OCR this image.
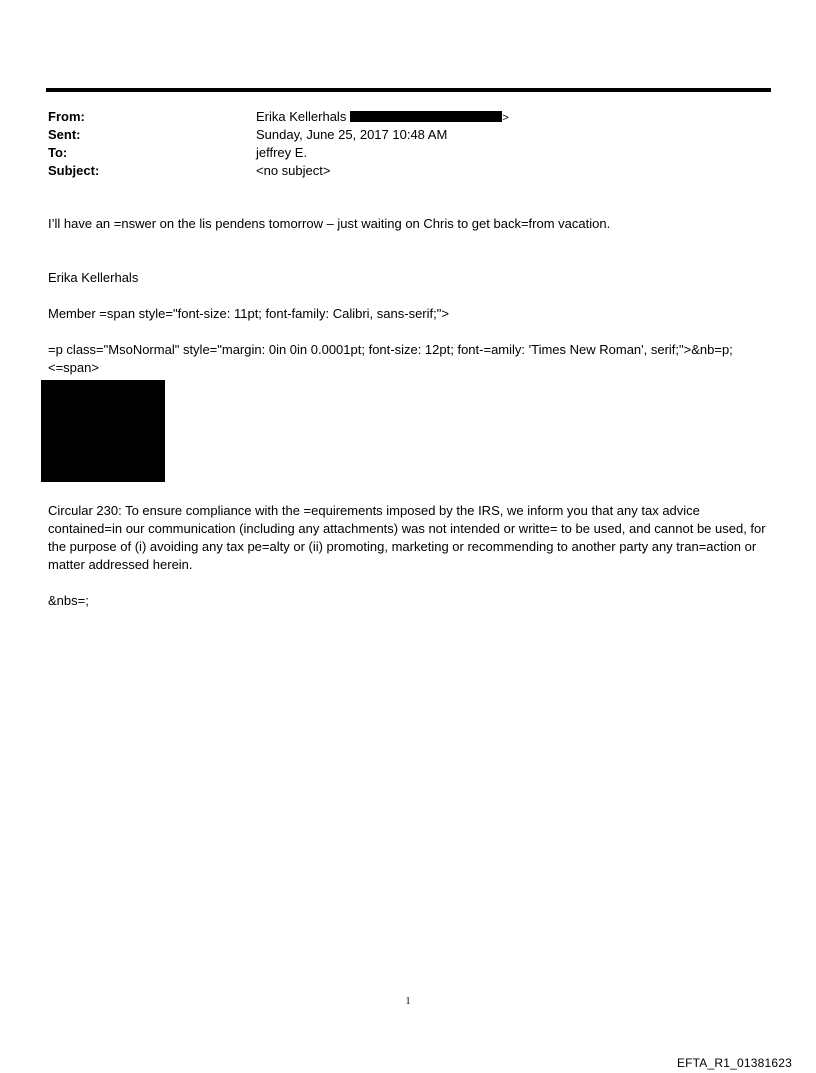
From:	Erika Kellerhals	>
Sent:	Sunday, June 25, 2017 10:48 AM
To:	jeffrey E.
Subject:	<no subject>
I’ll have an =nswer on the lis pendens tomorrow – just waiting on Chris to get back=from vacation.
Erika Kellerhals
Member =span style="font-size: 11pt; font-family: Calibri, sans-serif;">
=p class="MsoNormal" style="margin: 0in 0in 0.0001pt; font-size: 12pt; font-=amily: 'Times New Roman', serif;">&nb=p;<=span>
Circular 230: To ensure compliance with the =equirements imposed by the IRS, we inform you that any tax advice contained=in our communication (including any attachments) was not intended or writte= to be used, and cannot be used, for the purpose of (i) avoiding any tax pe=alty or (ii) promoting, marketing or recommending to another party any tran=action or matter addressed herein.
&nbs=;
1
EFTA_R1_01381623
